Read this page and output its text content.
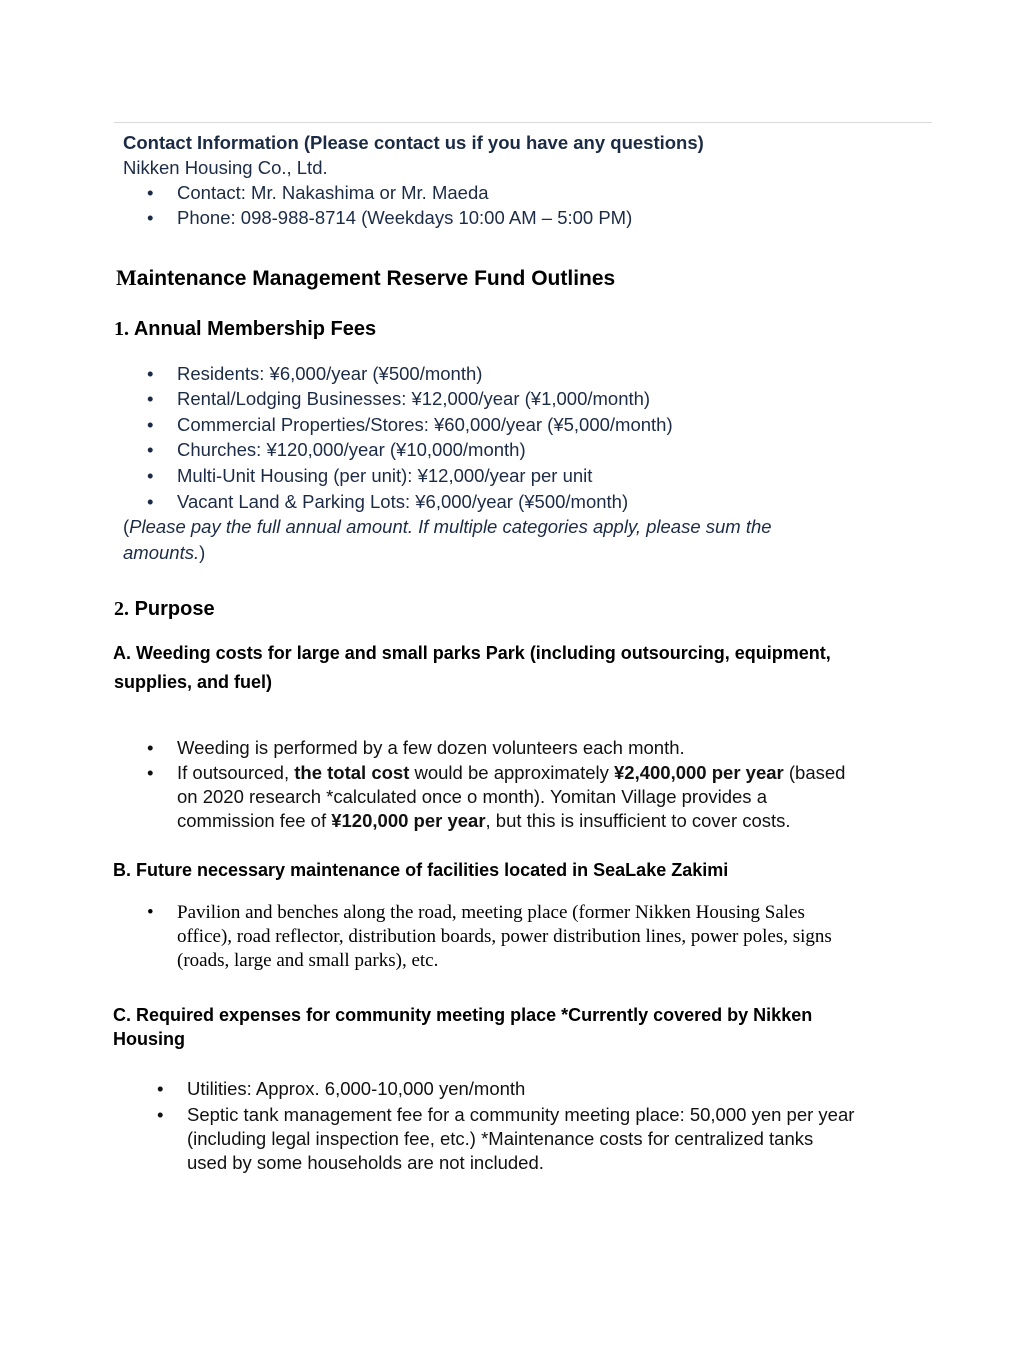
Contact Information (Please contact us if you have any questions)
Nikken Housing Co., Ltd.
• Contact: Mr. Nakashima or Mr. Maeda
• Phone: 098-988-8714 (Weekdays 10:00 AM – 5:00 PM)
Maintenance Management Reserve Fund Outlines
1. Annual Membership Fees
• Residents: ¥6,000/year (¥500/month)
• Rental/Lodging Businesses: ¥12,000/year (¥1,000/month)
• Commercial Properties/Stores: ¥60,000/year (¥5,000/month)
• Churches: ¥120,000/year (¥10,000/month)
• Multi-Unit Housing (per unit): ¥12,000/year per unit
• Vacant Land & Parking Lots: ¥6,000/year (¥500/month)
(Please pay the full annual amount. If multiple categories apply, please sum the
amounts.)
2. Purpose
A. Weeding costs for large and small parks Park (including outsourcing, equipment,
supplies, and fuel)
• Weeding is performed by a few dozen volunteers each month.
• If outsourced, the total cost would be approximately ¥2,400,000 per year (based
on 2020 research *calculated once o month). Yomitan Village provides a
commission fee of ¥120,000 per year, but this is insufficient to cover costs.
B. Future necessary maintenance of facilities located in SeaLake Zakimi
• Pavilion and benches along the road, meeting place (former Nikken Housing Sales
office), road reflector, distribution boards, power distribution lines, power poles, signs
(roads, large and small parks), etc.
C. Required expenses for community meeting place *Currently covered by Nikken
Housing
• Utilities: Approx. 6,000-10,000 yen/month
• Septic tank management fee for a community meeting place: 50,000 yen per year
(including legal inspection fee, etc.) *Maintenance costs for centralized tanks
used by some households are not included.
